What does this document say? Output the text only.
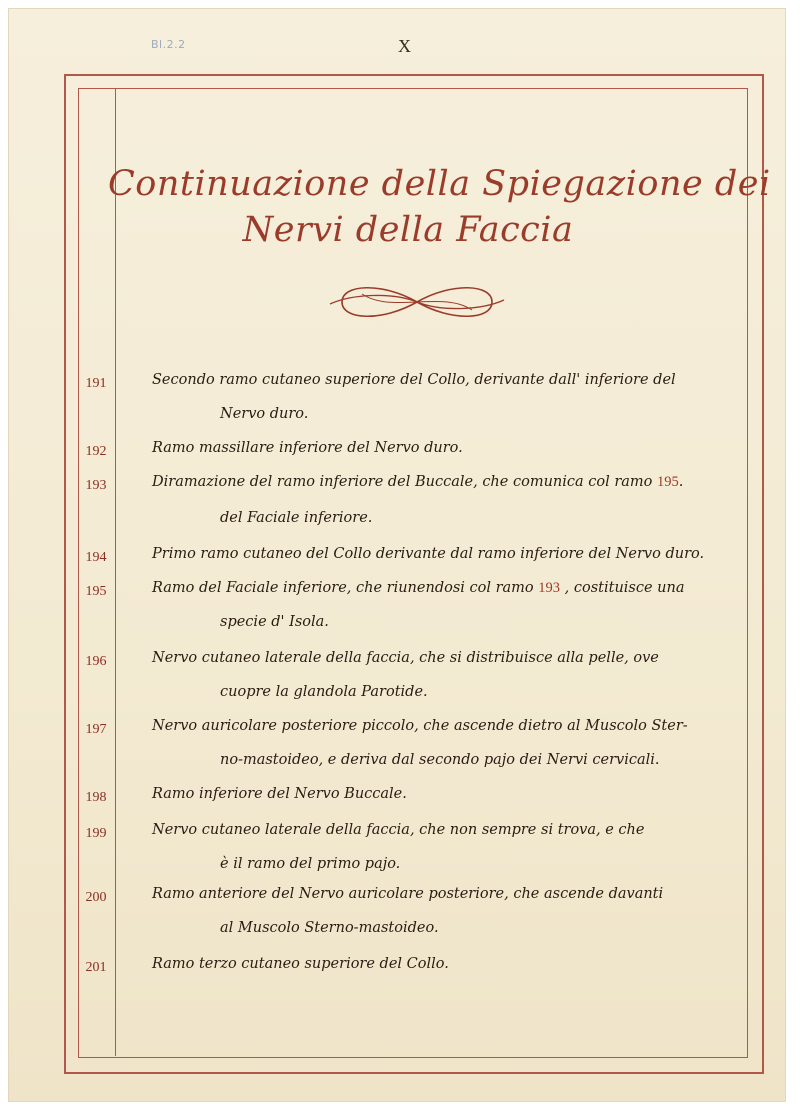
Bl.2.2	X
Continuazione della Spiegazione dei
Nervi della Faccia
191	Secondo ramo cutaneo superiore del Collo, derivante dall' inferiore del
Nervo duro.
192	Ramo massillare inferiore del Nervo duro.
193	Diramazione del ramo inferiore del Buccale, che comunica col ramo 195.
del Faciale inferiore.
194	Primo ramo cutaneo del Collo derivante dal ramo inferiore del Nervo duro.
195	Ramo del Faciale inferiore, che riunendosi col ramo 193 , costituisce una
specie d' Isola.
196	Nervo cutaneo laterale della faccia, che si distribuisce alla pelle, ove
cuopre la glandola Parotide.
197	Nervo auricolare posteriore piccolo, che ascende dietro al Muscolo Ster-
no-mastoideo, e deriva dal secondo pajo dei Nervi cervicali.
198	Ramo inferiore del Nervo Buccale.
199	Nervo cutaneo laterale della faccia, che non sempre si trova, e che
è il ramo del primo pajo.
200	Ramo anteriore del Nervo auricolare posteriore, che ascende davanti
al Muscolo Sterno-mastoideo.
201	Ramo terzo cutaneo superiore del Collo.
